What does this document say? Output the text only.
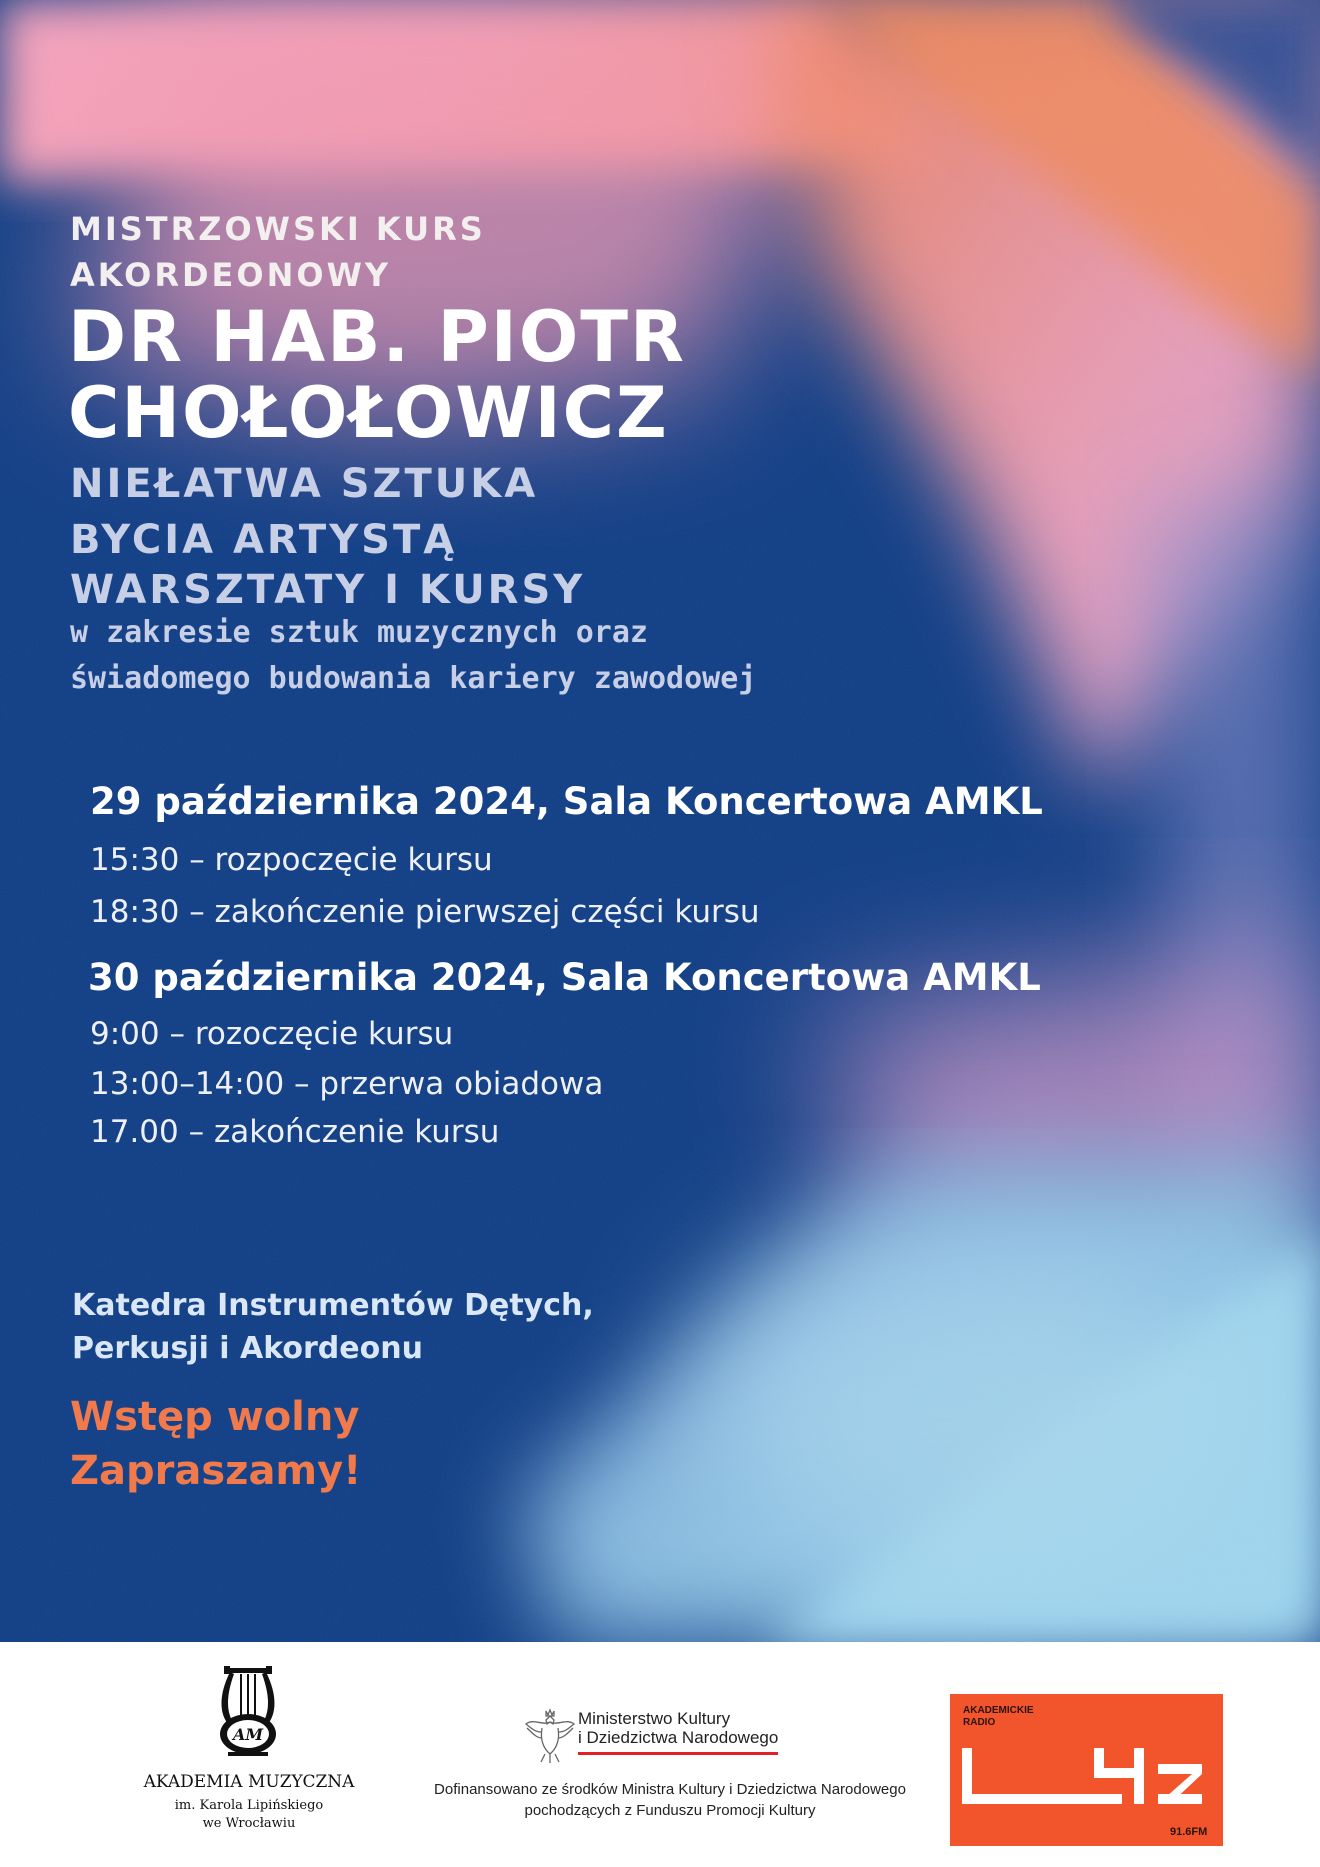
MISTRZOWSKI KURS

AKORDEONOWY

DR HAB. PIOTR

CHOŁOŁOWICZ

NIEŁATWA SZTUKA

BYCIA ARTYSTĄ

WARSZTATY I KURSY

w zakresie sztuk muzycznych oraz

świadomego budowania kariery zawodowej

29 października 2024, Sala Koncertowa AMKL

15:30 – rozpoczęcie kursu

18:30 – zakończenie pierwszej części kursu

30 października 2024, Sala Koncertowa AMKL

9:00 – rozoczęcie kursu

13:00–14:00 – przerwa obiadowa

17.00 – zakończenie kursu

Katedra Instrumentów Dętych,

Perkusji i Akordeonu

Wstęp wolny

Zapraszamy!

AM
AKADEMIA MUZYCZNA
im. Karola Lipińskiego
we Wrocławiu
Ministerstwo Kultury
i Dziedzictwa Narodowego
Dofinansowano ze środków Ministra Kultury i Dziedzictwa Narodowego
pochodzących z Funduszu Promocji Kultury
AKADEMICKIE
RADIO
91.6FM
